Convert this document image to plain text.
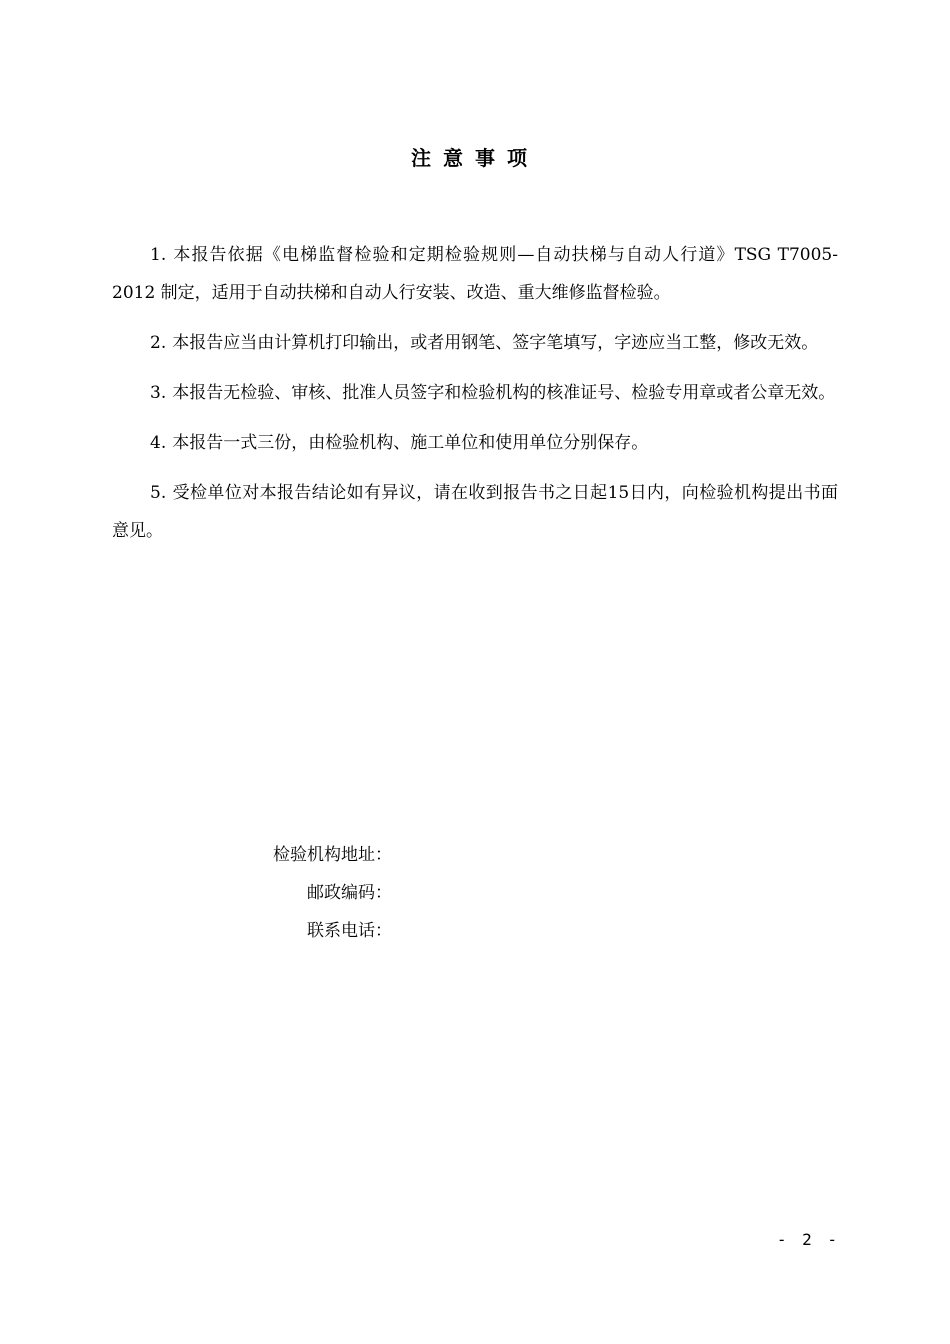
注意事项

1. 本报告依据《电梯监督检验和定期检验规则—自动扶梯与自动人行道》TSG T7005-2012 制定，适用于自动扶梯和自动人行安装、改造、重大维修监督检验。

2. 本报告应当由计算机打印输出，或者用钢笔、签字笔填写，字迹应当工整，修改无效。

3. 本报告无检验、审核、批准人员签字和检验机构的核准证号、检验专用章或者公章无效。

4. 本报告一式三份，由检验机构、施工单位和使用单位分别保存。

5. 受检单位对本报告结论如有异议，请在收到报告书之日起15日内，向检验机构提出书面意见。

检验机构地址：
邮政编码：
联系电话：
- 2 -
